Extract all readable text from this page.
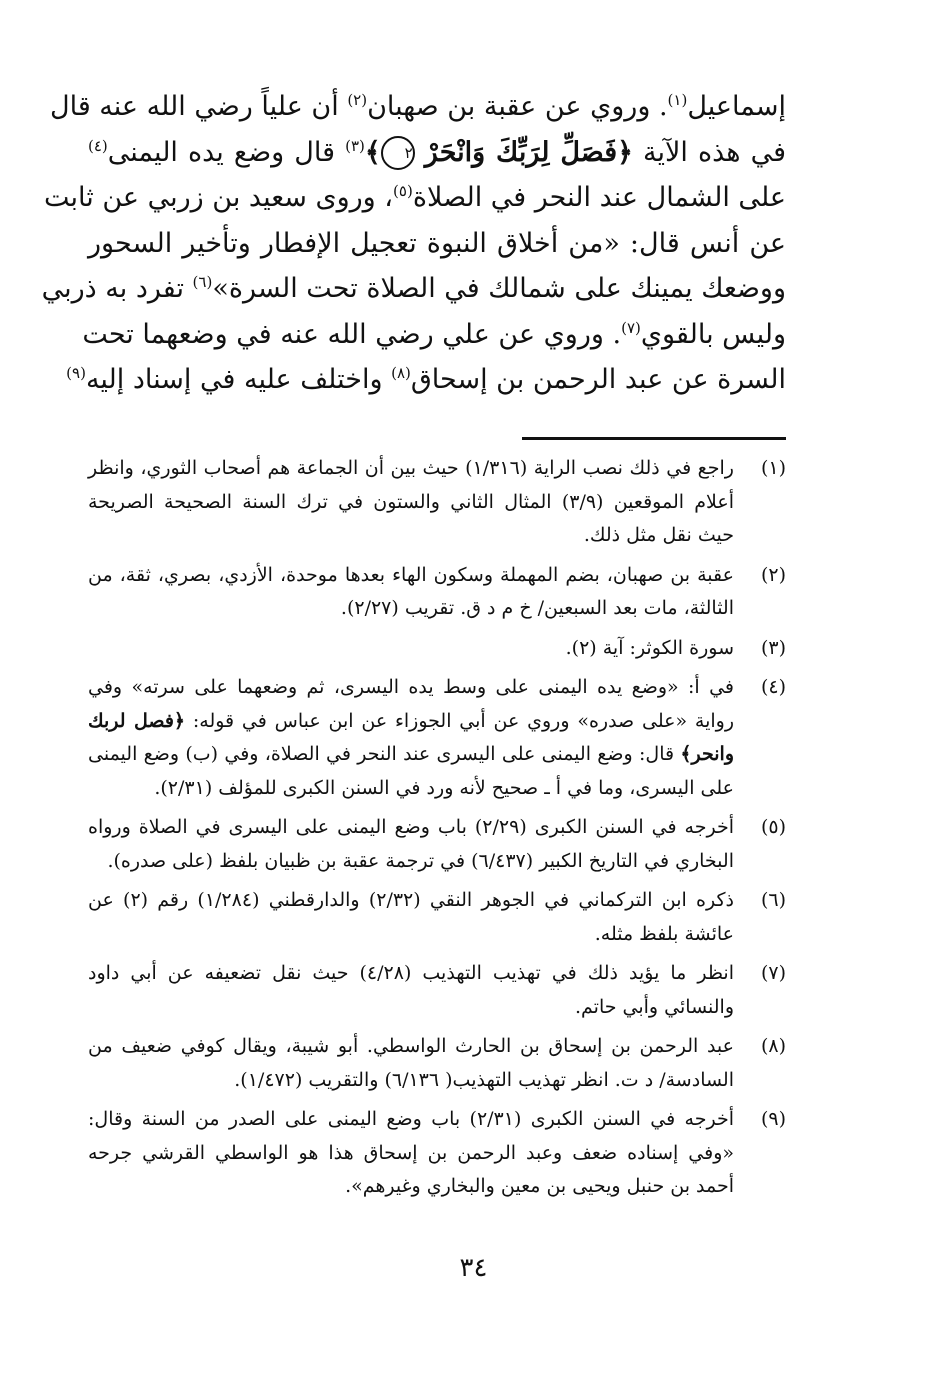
إسماعيل$^{(١)}$. وروي عن عقبة بن صهبان$^{(٢)}$ أن علياً رضي الله عنه قال

في هذه الآية ﴿فَصَلِّ لِرَبِّكَ وَانْحَرْ ٢﴾$^{(٣)}$ قال وضع يده اليمنى$^{(٤)}$

على الشمال عند النحر في الصلاة$^{(٥)}$، وروى سعيد بن زربي عن ثابت

عن أنس قال: «من أخلاق النبوة تعجيل الإفطار وتأخير السحور

ووضعك يمينك على شمالك في الصلاة تحت السرة»$^{(٦)}$ تفرد به ذربي

وليس بالقوي$^{(٧)}$. وروي عن علي رضي الله عنه في وضعهما تحت

السرة عن عبد الرحمن بن إسحاق$^{(٨)}$ واختلف عليه في إسناد إليه$^{(٩)}$

(١)
راجع في ذلك نصب الراية (١/٣١٦) حيث بين أن الجماعة هم أصحاب الثوري، وانظر أعلام الموقعين (٣/٩) المثال الثاني والستون في ترك السنة الصحيحة الصريحة حيث نقل مثل ذلك.
(٢)
عقبة بن صهبان، بضم المهملة وسكون الهاء بعدها موحدة، الأزدي، بصري، ثقة، من الثالثة، مات بعد السبعين/ خ م د ق. تقريب (٢/٢٧).
(٣)
سورة الكوثر: آية (٢).
(٤)
في أ: «وضع يده اليمنى على وسط يده اليسرى، ثم وضعهما على سرته» وفي رواية «على صدره» وروي عن أبي الجوزاء عن ابن عباس في قوله: ﴿فصل لربك وانحر﴾ قال: وضع اليمنى على اليسرى عند النحر في الصلاة، وفي (ب) وضع اليمنى على اليسرى، وما في أ ـ صحيح لأنه ورد في السنن الكبرى للمؤلف (٢/٣١).
(٥)
أخرجه في السنن الكبرى (٢/٢٩) باب وضع اليمنى على اليسرى في الصلاة ورواه البخاري في التاريخ الكبير (٦/٤٣٧) في ترجمة عقبة بن ظبيان بلفظ (على صدره).
(٦)
ذكره ابن التركماني في الجوهر النقي (٢/٣٢) والدارقطني (١/٢٨٤) رقم (٢) عن عائشة بلفظ مثله.
(٧)
انظر ما يؤيد ذلك في تهذيب التهذيب (٤/٢٨) حيث نقل تضعيفه عن أبي داود والنسائي وأبي حاتم.
(٨)
عبد الرحمن بن إسحاق بن الحارث الواسطي. أبو شيبة، ويقال كوفي ضعيف من السادسة/ د ت. انظر تهذيب التهذيب( ٦/١٣٦) والتقريب (١/٤٧٢).
(٩)
أخرجه في السنن الكبرى (٢/٣١) باب وضع اليمنى على الصدر من السنة وقال: «وفي إسناده ضعف وعبد الرحمن بن إسحاق هذا هو الواسطي القرشي جرحه أحمد بن حنبل ويحيى بن معين والبخاري وغيرهم».
٣٤
